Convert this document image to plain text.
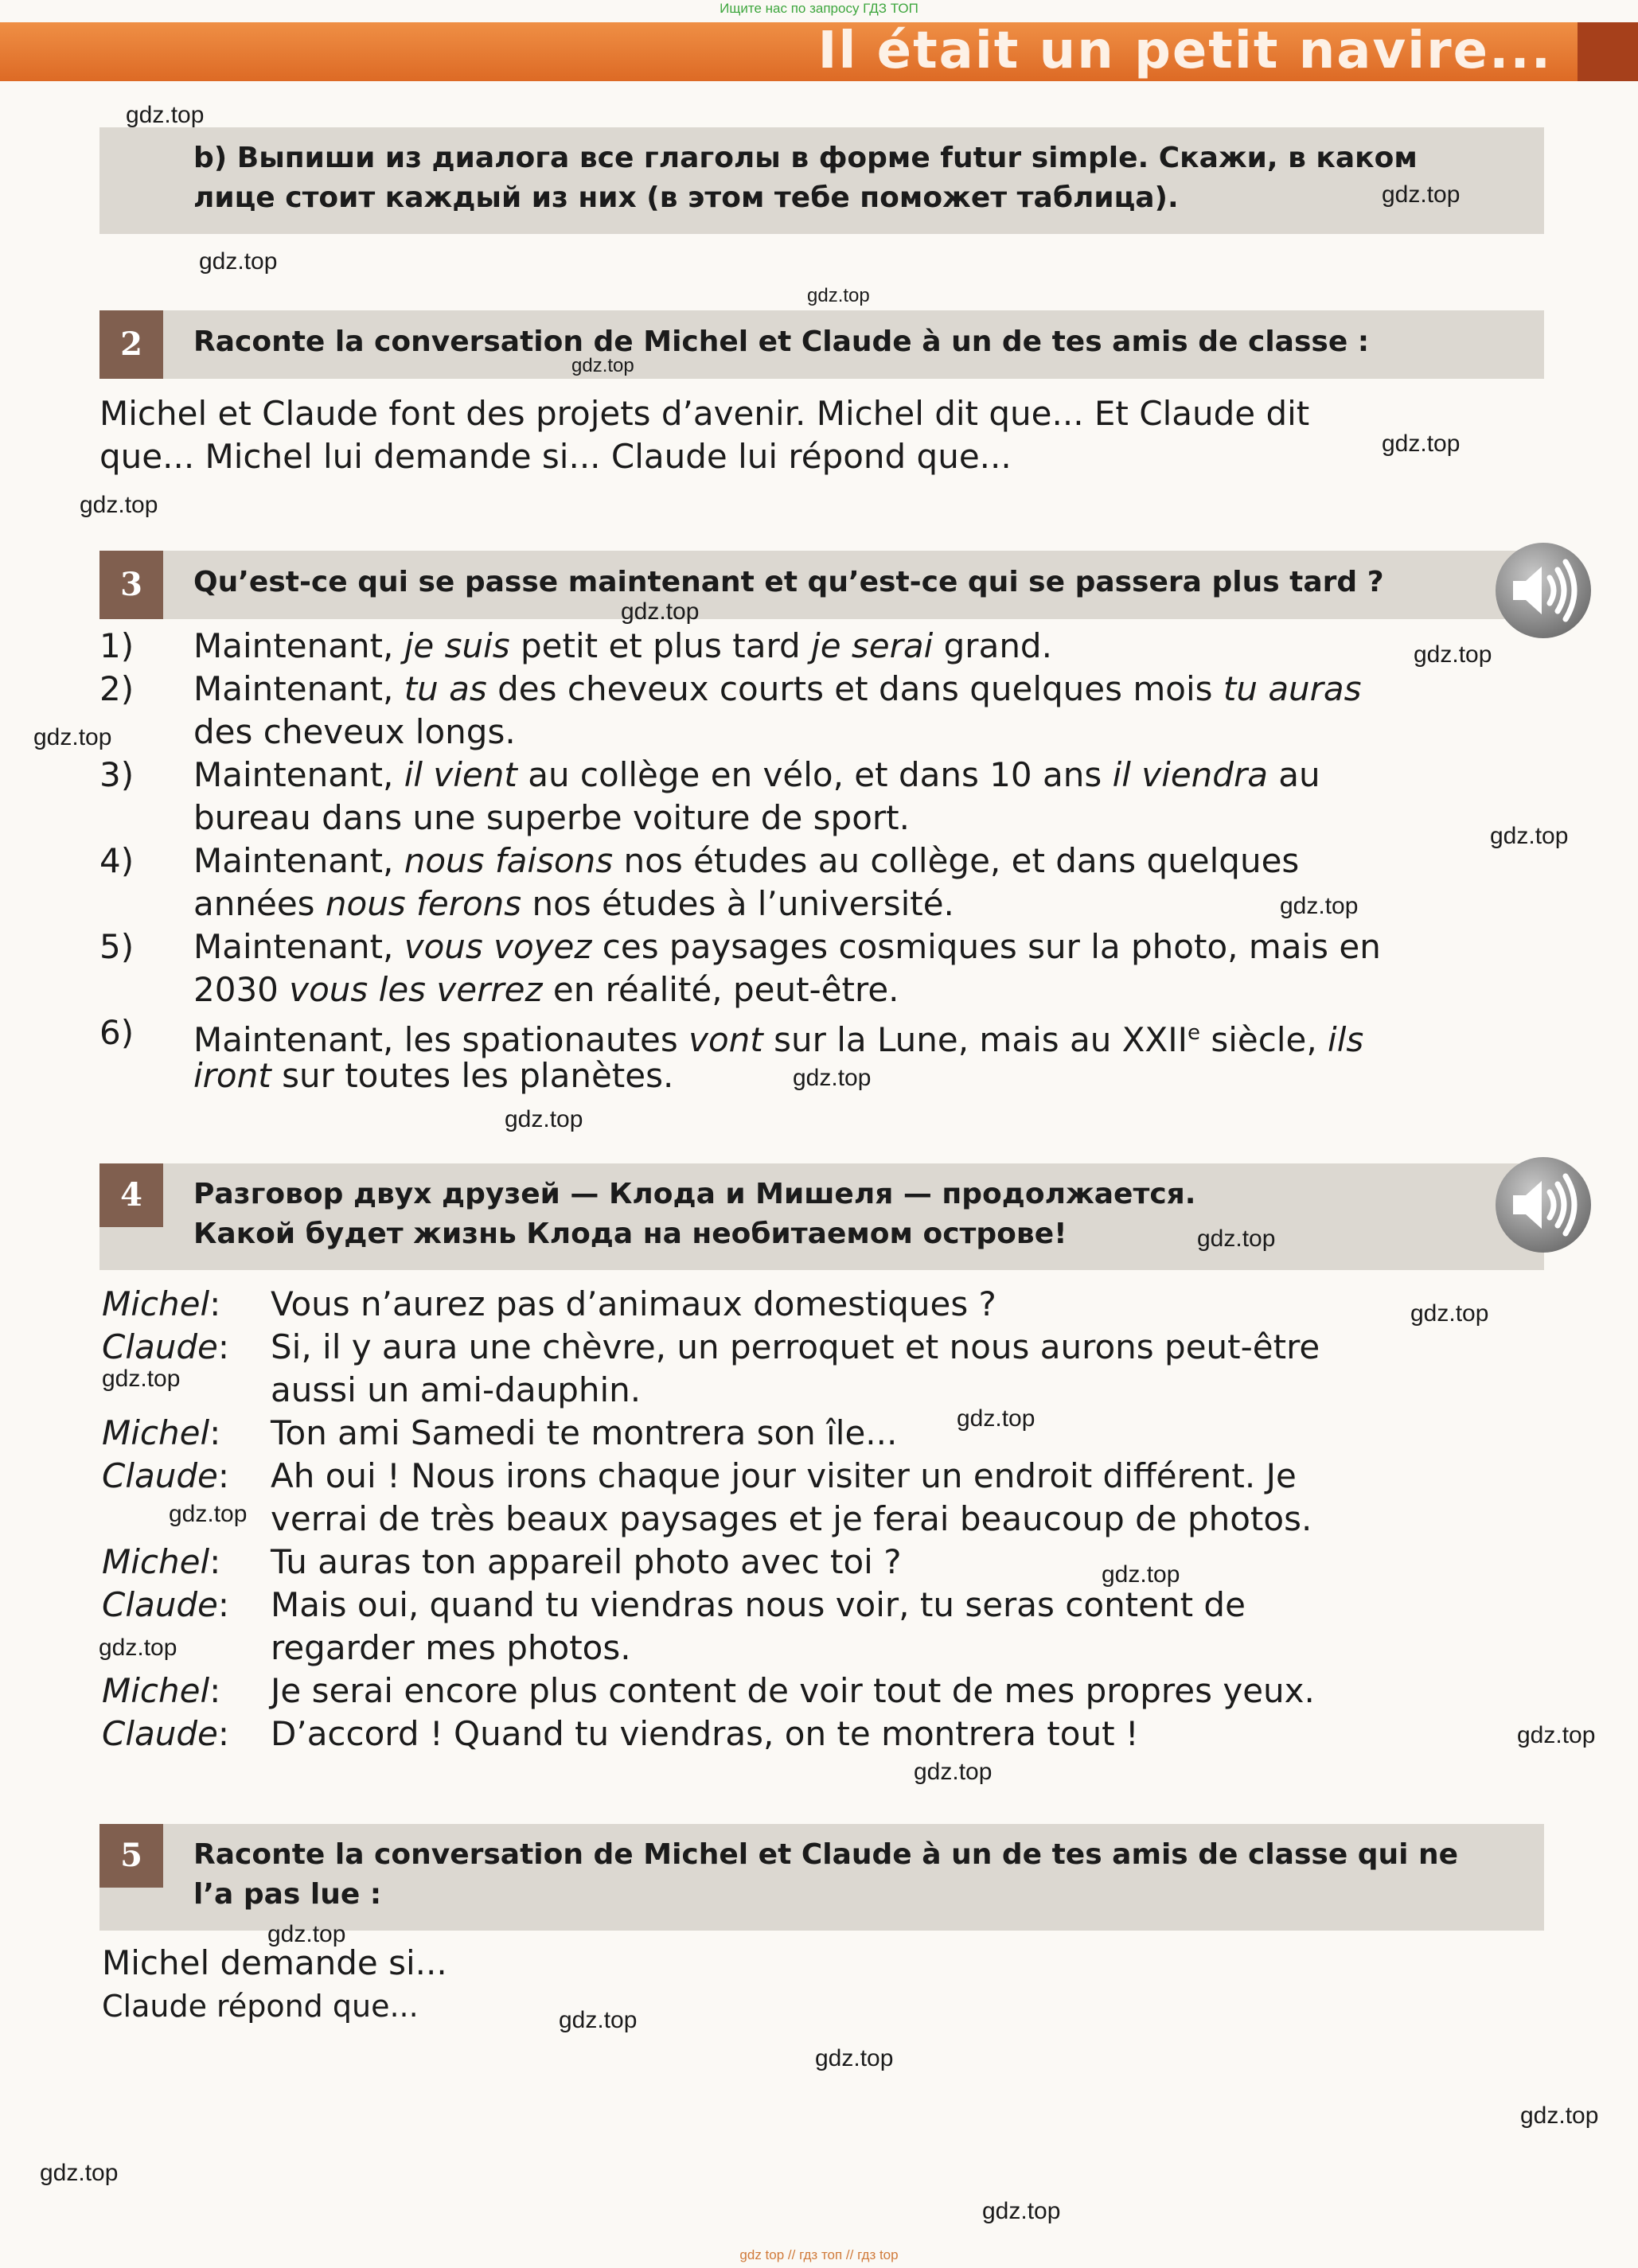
Ищите нас по запросу ГДЗ ТОП
Il était un petit navire...
b) Выпиши из диалога все глаголы в форме futur simple. Скажи, в каком
лице стоит каждый из них (в этом тебе поможет таблица).
2	Raconte la conversation de Michel et Claude à un de tes amis de classe :
Michel et Claude font des projets d’avenir. Michel dit que... Et Claude dit
que... Michel lui demande si... Claude lui répond que...
3	Qu’est-ce qui se passe maintenant et qu’est-ce qui se passera plus tard ?
1) Maintenant, je suis petit et plus tard je serai grand.
2) Maintenant, tu as des cheveux courts et dans quelques mois tu auras
des cheveux longs.
3) Maintenant, il vient au collège en vélo, et dans 10 ans il viendra au
bureau dans une superbe voiture de sport.
4) Maintenant, nous faisons nos études au collège, et dans quelques
années nous ferons nos études à l’université.
5) Maintenant, vous voyez ces paysages cosmiques sur la photo, mais en
2030 vous les verrez en réalité, peut-être.
6) Maintenant, les spationautes vont sur la Lune, mais au XXIIe siècle, ils
iront sur toutes les planètes.
4	Разговор двух друзей — Клода и Мишеля — продолжается.
Какой будет жизнь Клода на необитаемом острове!
Michel: Vous n’aurez pas d’animaux domestiques ?
Claude: Si, il y aura une chèvre, un perroquet et nous aurons peut-être
aussi un ami-dauphin.
Michel: Ton ami Samedi te montrera son île...
Claude: Ah oui ! Nous irons chaque jour visiter un endroit différent. Je
verrai de très beaux paysages et je ferai beaucoup de photos.
Michel: Tu auras ton appareil photo avec toi ?
Claude: Mais oui, quand tu viendras nous voir, tu seras content de
regarder mes photos.
Michel: Je serai encore plus content de voir tout de mes propres yeux.
Claude: D’accord ! Quand tu viendras, on te montrera tout !
5	Raconte la conversation de Michel et Claude à un de tes amis de classe qui ne
l’a pas lue :
Michel demande si...
Claude répond que...
gdz.top
gdz.top
gdz.top
gdz.top
gdz.top
gdz.top
gdz.top
gdz.top
gdz.top
gdz.top
gdz.top
gdz.top
gdz.top
gdz.top
gdz.top
gdz.top
gdz.top
gdz.top
gdz.top
gdz.top
gdz.top
gdz.top
gdz.top
gdz.top
gdz.top
gdz.top
gdz.top
gdz.top
gdz.top
gdz top // гдз топ // гдз top
